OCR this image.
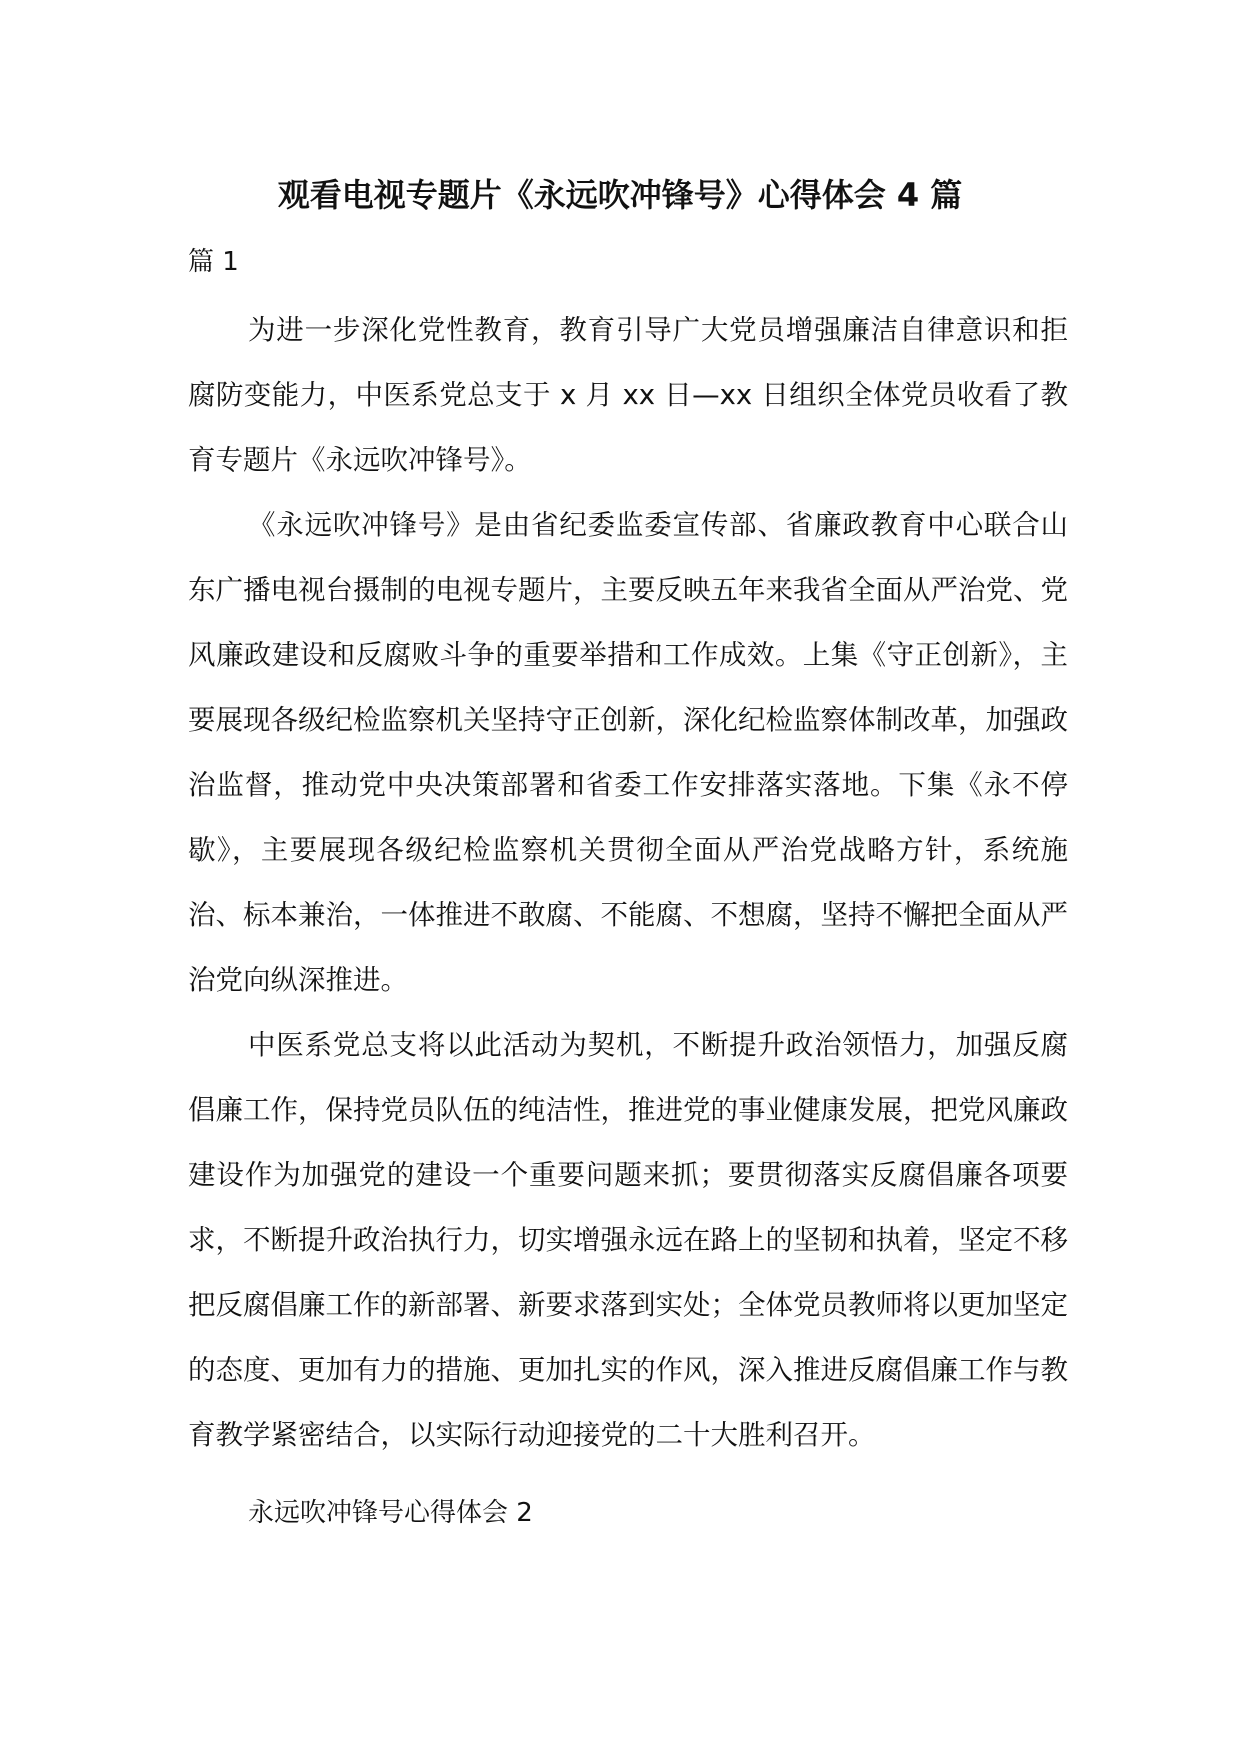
观看电视专题片《永远吹冲锋号》心得体会 4 篇

篇 1

为进一步深化党性教育，教育引导广大党员增强廉洁自律意识和拒腐防变能力，中医系党总支于 x 月 xx 日—xx 日组织全体党员收看了教育专题片《永远吹冲锋号》。

《永远吹冲锋号》是由省纪委监委宣传部、省廉政教育中心联合山东广播电视台摄制的电视专题片，主要反映五年来我省全面从严治党、党风廉政建设和反腐败斗争的重要举措和工作成效。上集《守正创新》，主要展现各级纪检监察机关坚持守正创新，深化纪检监察体制改革，加强政治监督，推动党中央决策部署和省委工作安排落实落地。下集《永不停歇》，主要展现各级纪检监察机关贯彻全面从严治党战略方针，系统施治、标本兼治，一体推进不敢腐、不能腐、不想腐，坚持不懈把全面从严治党向纵深推进。

中医系党总支将以此活动为契机，不断提升政治领悟力，加强反腐倡廉工作，保持党员队伍的纯洁性，推进党的事业健康发展，把党风廉政建设作为加强党的建设一个重要问题来抓；要贯彻落实反腐倡廉各项要求，不断提升政治执行力，切实增强永远在路上的坚韧和执着，坚定不移把反腐倡廉工作的新部署、新要求落到实处；全体党员教师将以更加坚定的态度、更加有力的措施、更加扎实的作风，深入推进反腐倡廉工作与教育教学紧密结合，以实际行动迎接党的二十大胜利召开。

永远吹冲锋号心得体会 2
